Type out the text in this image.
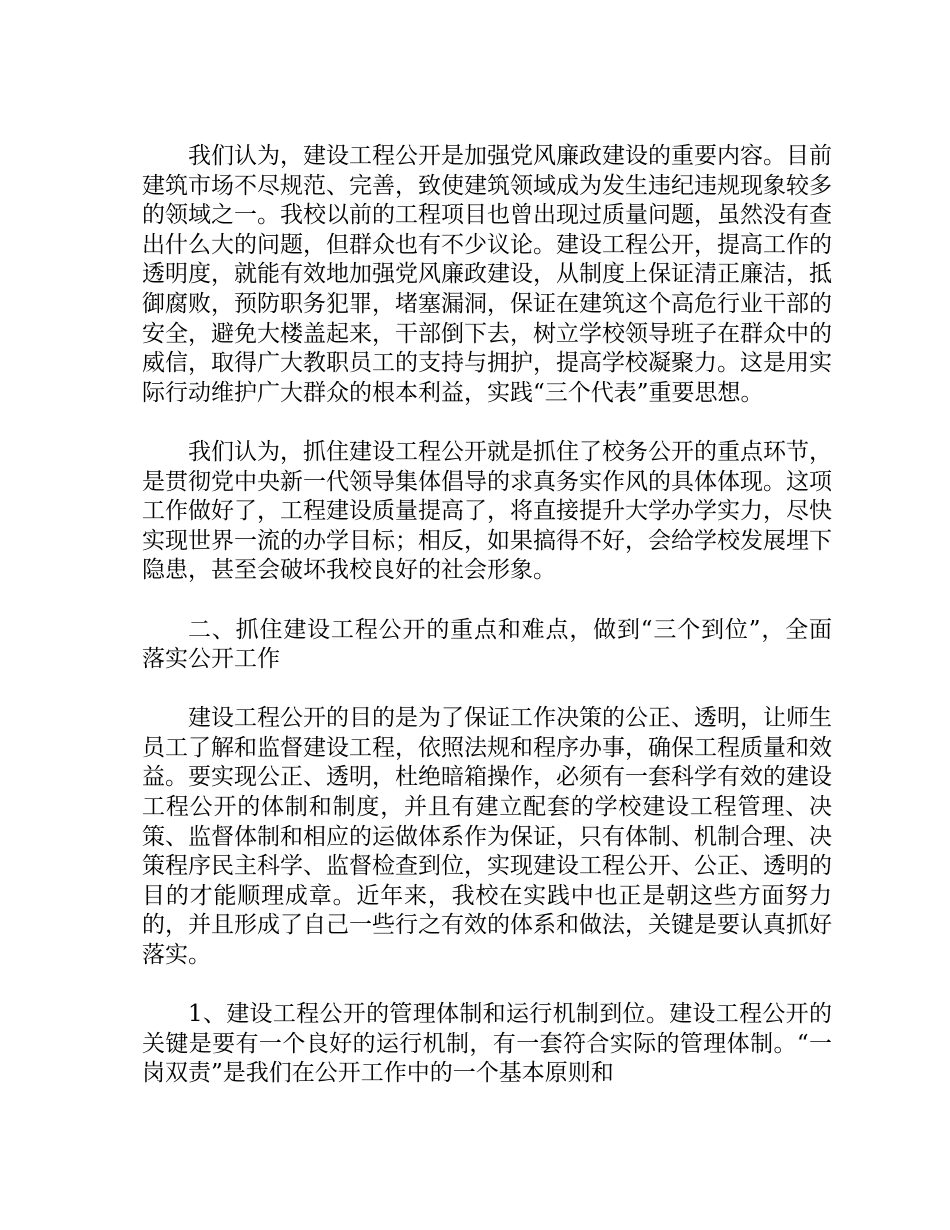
我们认为，建设工程公开是加强党风廉政建设的重要内容。目前建筑市场不尽规范、完善，致使建筑领域成为发生违纪违规现象较多的领域之一。我校以前的工程项目也曾出现过质量问题，虽然没有查出什么大的问题，但群众也有不少议论。建设工程公开，提高工作的透明度，就能有效地加强党风廉政建设，从制度上保证清正廉洁，抵御腐败，预防职务犯罪，堵塞漏洞，保证在建筑这个高危行业干部的安全，避免大楼盖起来，干部倒下去，树立学校领导班子在群众中的威信，取得广大教职员工的支持与拥护，提高学校凝聚力。这是用实际行动维护广大群众的根本利益，实践“三个代表”重要思想。

我们认为，抓住建设工程公开就是抓住了校务公开的重点环节，是贯彻党中央新一代领导集体倡导的求真务实作风的具体体现。这项工作做好了，工程建设质量提高了，将直接提升大学办学实力，尽快实现世界一流的办学目标；相反，如果搞得不好，会给学校发展埋下隐患，甚至会破坏我校良好的社会形象。

二、抓住建设工程公开的重点和难点，做到“三个到位”，全面落实公开工作

建设工程公开的目的是为了保证工作决策的公正、透明，让师生员工了解和监督建设工程，依照法规和程序办事，确保工程质量和效益。要实现公正、透明，杜绝暗箱操作，必须有一套科学有效的建设工程公开的体制和制度，并且有建立配套的学校建设工程管理、决策、监督体制和相应的运做体系作为保证，只有体制、机制合理、决策程序民主科学、监督检查到位，实现建设工程公开、公正、透明的目的才能顺理成章。近年来，我校在实践中也正是朝这些方面努力的，并且形成了自己一些行之有效的体系和做法，关键是要认真抓好落实。

1、建设工程公开的管理体制和运行机制到位。建设工程公开的关键是要有一个良好的运行机制，有一套符合实际的管理体制。“一岗双责”是我们在公开工作中的一个基本原则和
